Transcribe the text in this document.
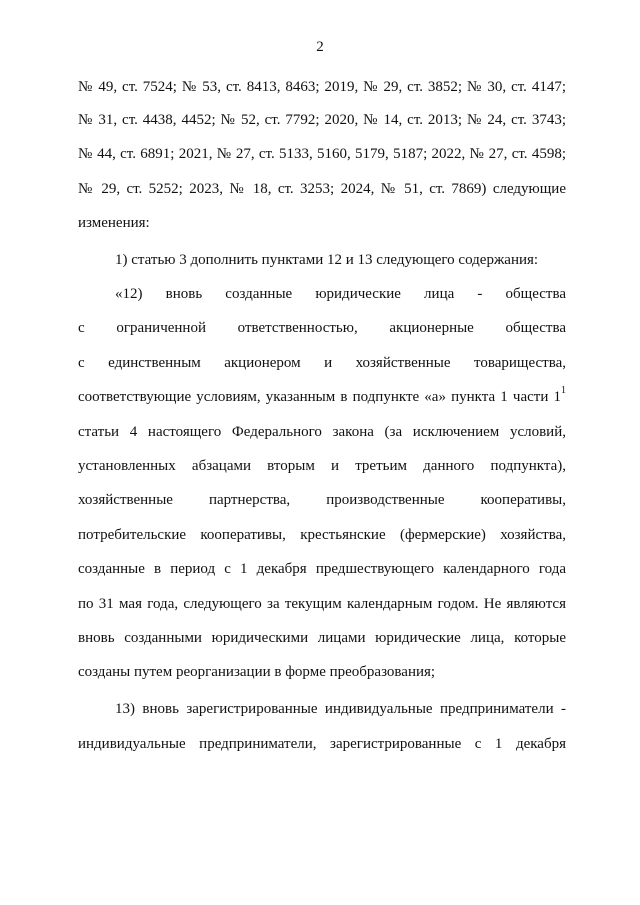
2
№ 49, ст. 7524; № 53, ст. 8413, 8463; 2019, № 29, ст. 3852; № 30, ст. 4147;
№ 31, ст. 4438, 4452; № 52, ст. 7792; 2020, № 14, ст. 2013; № 24, ст. 3743;
№ 44, ст. 6891; 2021, № 27, ст. 5133, 5160, 5179, 5187; 2022, № 27, ст. 4598;
№ 29, ст. 5252; 2023, № 18, ст. 3253; 2024, № 51, ст. 7869) следующие
изменения:
1) статью 3 дополнить пунктами 12 и 13 следующего содержания:
«12) вновь созданные юридические лица - общества
с ограниченной ответственностью, акционерные общества
с единственным акционером и хозяйственные товарищества,
соответствующие условиям, указанным в подпункте «а» пункта 1 части $1^1$
статьи 4 настоящего Федерального закона (за исключением условий,
установленных абзацами вторым и третьим данного подпункта),
хозяйственные партнерства, производственные кооперативы,
потребительские кооперативы, крестьянские (фермерские) хозяйства,
созданные в период с 1 декабря предшествующего календарного года
по 31 мая года, следующего за текущим календарным годом. Не являются
вновь созданными юридическими лицами юридические лица, которые
созданы путем реорганизации в форме преобразования;
13) вновь зарегистрированные индивидуальные предприниматели -
индивидуальные предприниматели, зарегистрированные с 1 декабря
